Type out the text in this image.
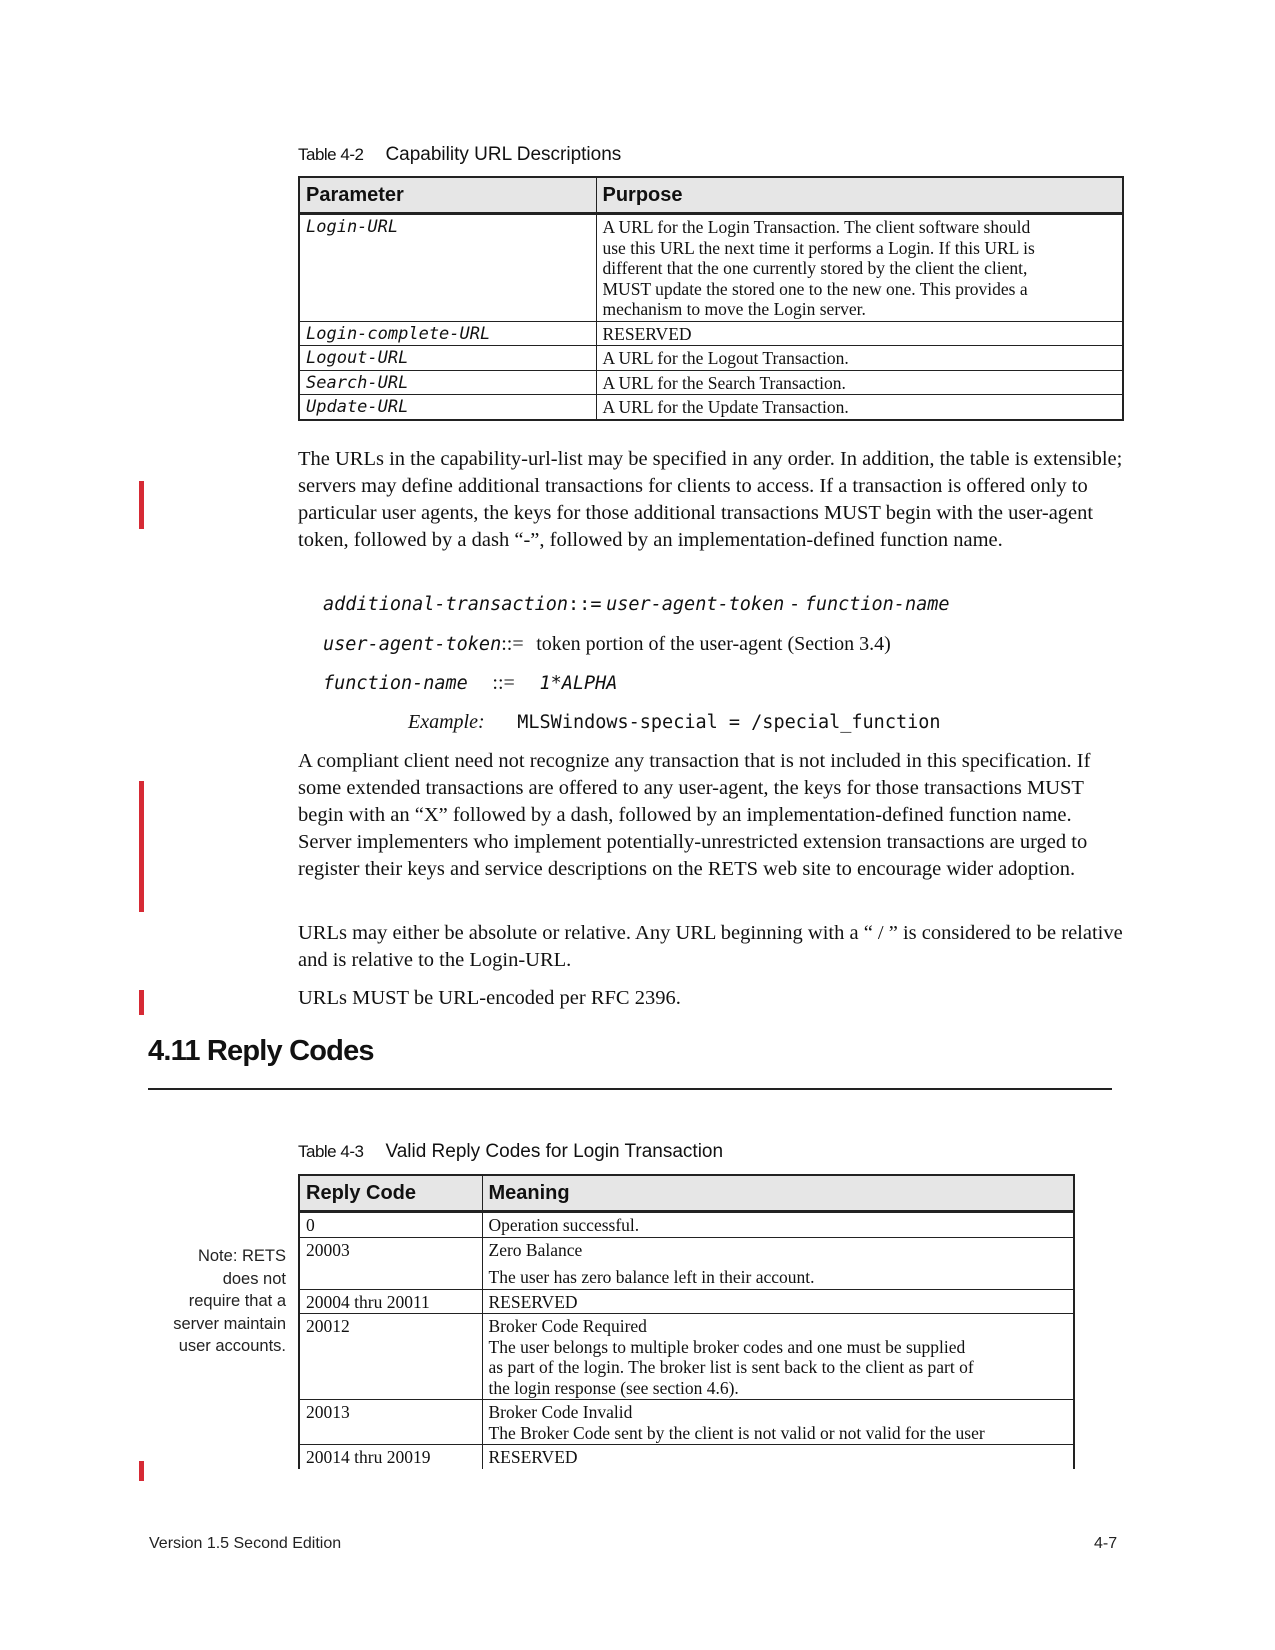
Table 4-2 Capability URL Descriptions
Parameter	Purpose
Login-URL	A URL for the Login Transaction. The client software should
use this URL the next time it performs a Login. If this URL is
different that the one currently stored by the client the client,
MUST update the stored one to the new one. This provides a
mechanism to move the Login server.

Login-complete-URL	RESERVED
Logout-URL	A URL for the Logout Transaction.
Search-URL	A URL for the Search Transaction.
Update-URL	A URL for the Update Transaction.
The URLs in the capability-url-list may be specified in any order. In addition, the table is extensible; servers may define additional transactions for clients to access. If a transaction is offered only to particular user agents, the keys for those additional transactions MUST begin with the user-agent token, followed by a dash “-”, followed by an implementation-defined function name.
additional-transaction::= user-agent-token - function-name
user-agent-token::= token portion of the user-agent (Section 3.4)
function-name ::= 1*ALPHA
Example: MLSWindows-special = /special_function
A compliant client need not recognize any transaction that is not included in this specification. If some extended transactions are offered to any user-agent, the keys for those transactions MUST begin with an “X” followed by a dash, followed by an implementation-defined function name. Server implementers who implement potentially-unrestricted extension transactions are urged to register their keys and service descriptions on the RETS web site to encourage wider adoption.
URLs may either be absolute or relative. Any URL beginning with a “ / ” is considered to be relative and is relative to the Login-URL.
URLs MUST be URL-encoded per RFC 2396.
4.11 Reply Codes
Table 4-3 Valid Reply Codes for Login Transaction
Note: RETS
does not
require that a
server maintain
user accounts.
Reply Code	Meaning
0	Operation successful.
20003	Zero Balance
The user has zero balance left in their account.

20004 thru 20011	RESERVED
20012	Broker Code Required
The user belongs to multiple broker codes and one must be supplied
as part of the login. The broker list is sent back to the client as part of
the login response (see section 4.6).

20013	Broker Code Invalid
The Broker Code sent by the client is not valid or not valid for the user

20014 thru 20019	RESERVED
Version 1.5 Second Edition	4-7
